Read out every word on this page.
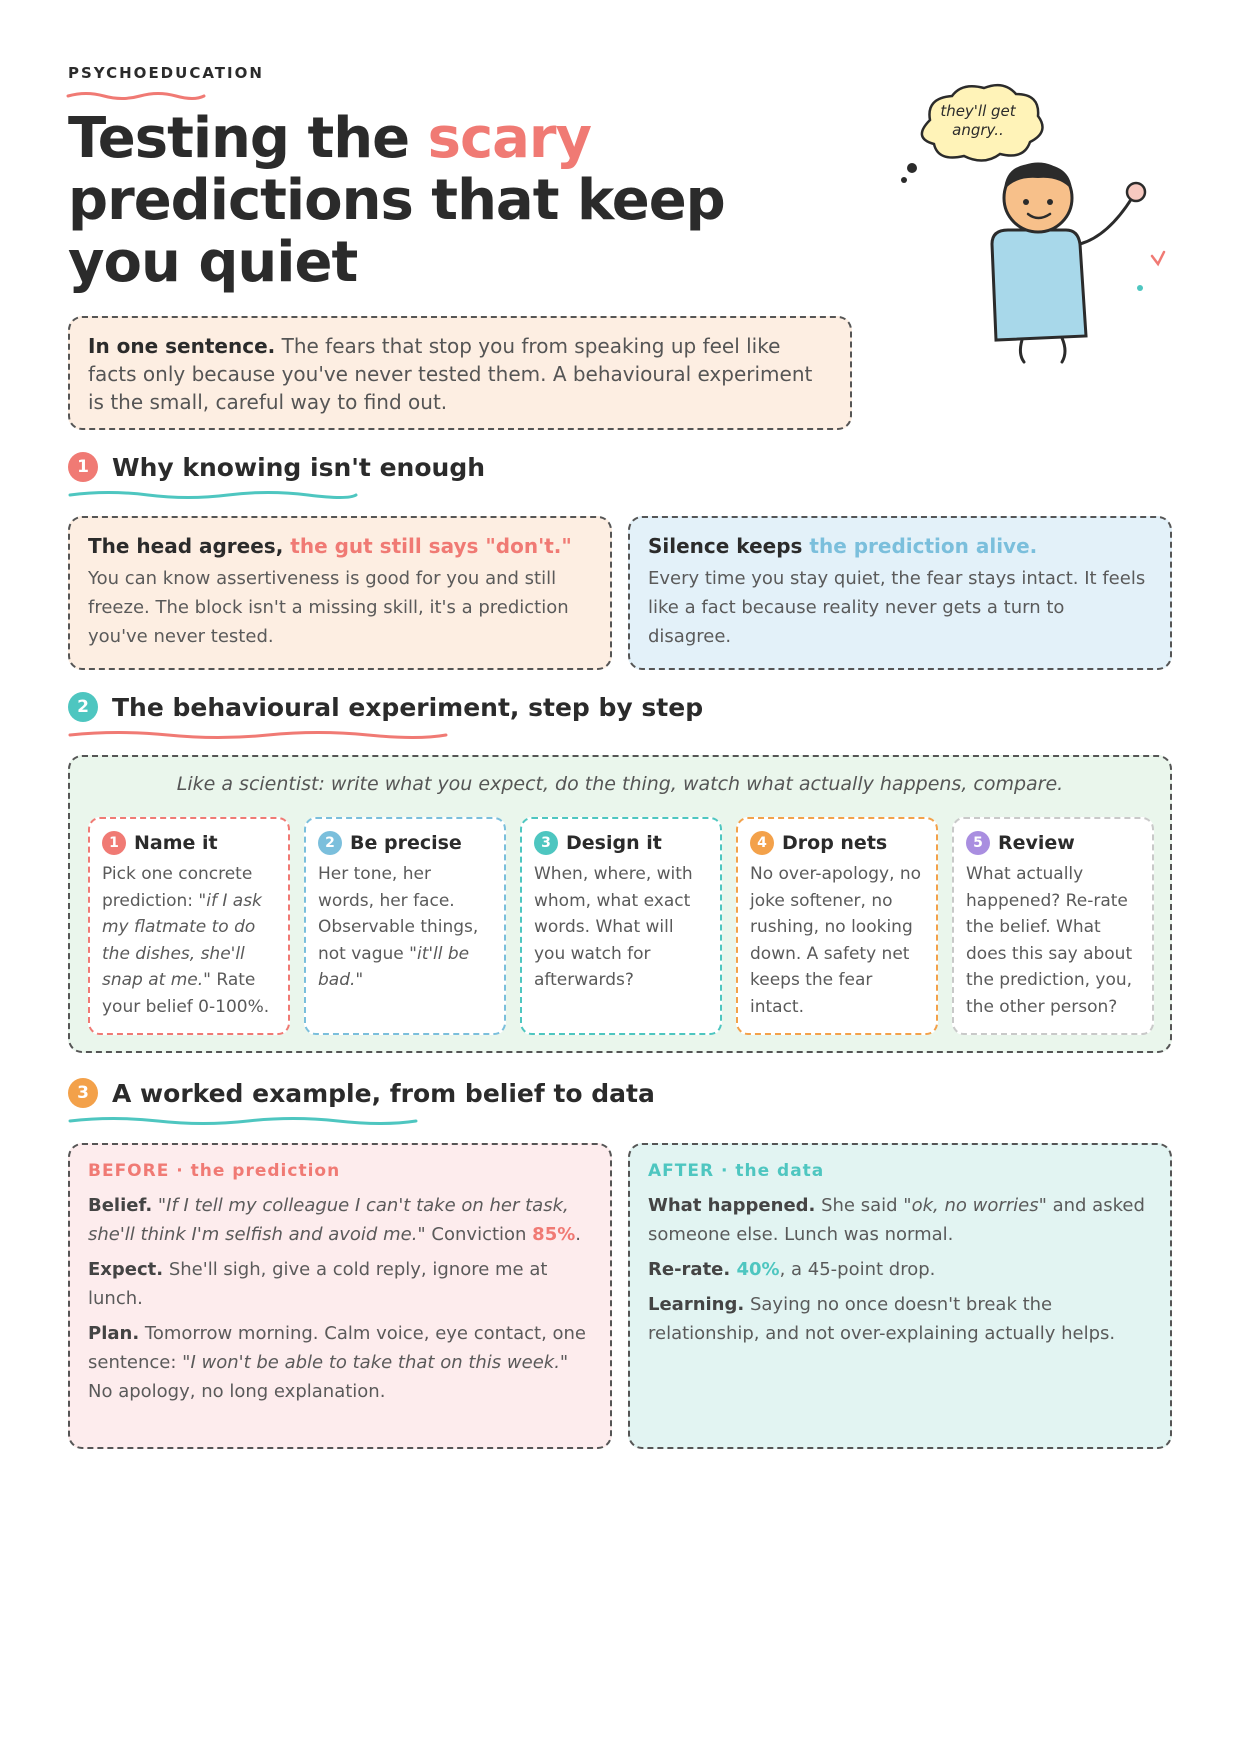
PSYCHOEDUCATION
Testing the scary predictions that keep you quiet
they'll get
angry..
In one sentence. The fears that stop you from speaking up feel like facts only because you've never tested them. A behavioural experiment is the small, careful way to find out.
1 Why knowing isn't enough
The head agrees, the gut still says "don't."
You can know assertiveness is good for you and still freeze. The block isn't a missing skill, it's a prediction you've never tested.
Silence keeps the prediction alive.
Every time you stay quiet, the fear stays intact. It feels like a fact because reality never gets a turn to disagree.
2 The behavioural experiment, step by step
Like a scientist: write what you expect, do the thing, watch what actually happens, compare.
1 Name it
Pick one concrete prediction: "if I ask my flatmate to do the dishes, she'll snap at me." Rate your belief 0-100%.
2 Be precise
Her tone, her words, her face. Observable things, not vague "it'll be bad."
3 Design it
When, where, with whom, what exact words. What will you watch for afterwards?
4 Drop nets
No over-apology, no joke softener, no rushing, no looking down. A safety net keeps the fear intact.
5 Review
What actually happened? Re-rate the belief. What does this say about the prediction, you, the other person?
3 A worked example, from belief to data
BEFORE · the prediction
Belief. "If I tell my colleague I can't take on her task, she'll think I'm selfish and avoid me." Conviction 85%.
Expect. She'll sigh, give a cold reply, ignore me at lunch.
Plan. Tomorrow morning. Calm voice, eye contact, one sentence: "I won't be able to take that on this week." No apology, no long explanation.
AFTER · the data
What happened. She said "ok, no worries" and asked someone else. Lunch was normal.
Re-rate. 40%, a 45-point drop.
Learning. Saying no once doesn't break the relationship, and not over-explaining actually helps.
